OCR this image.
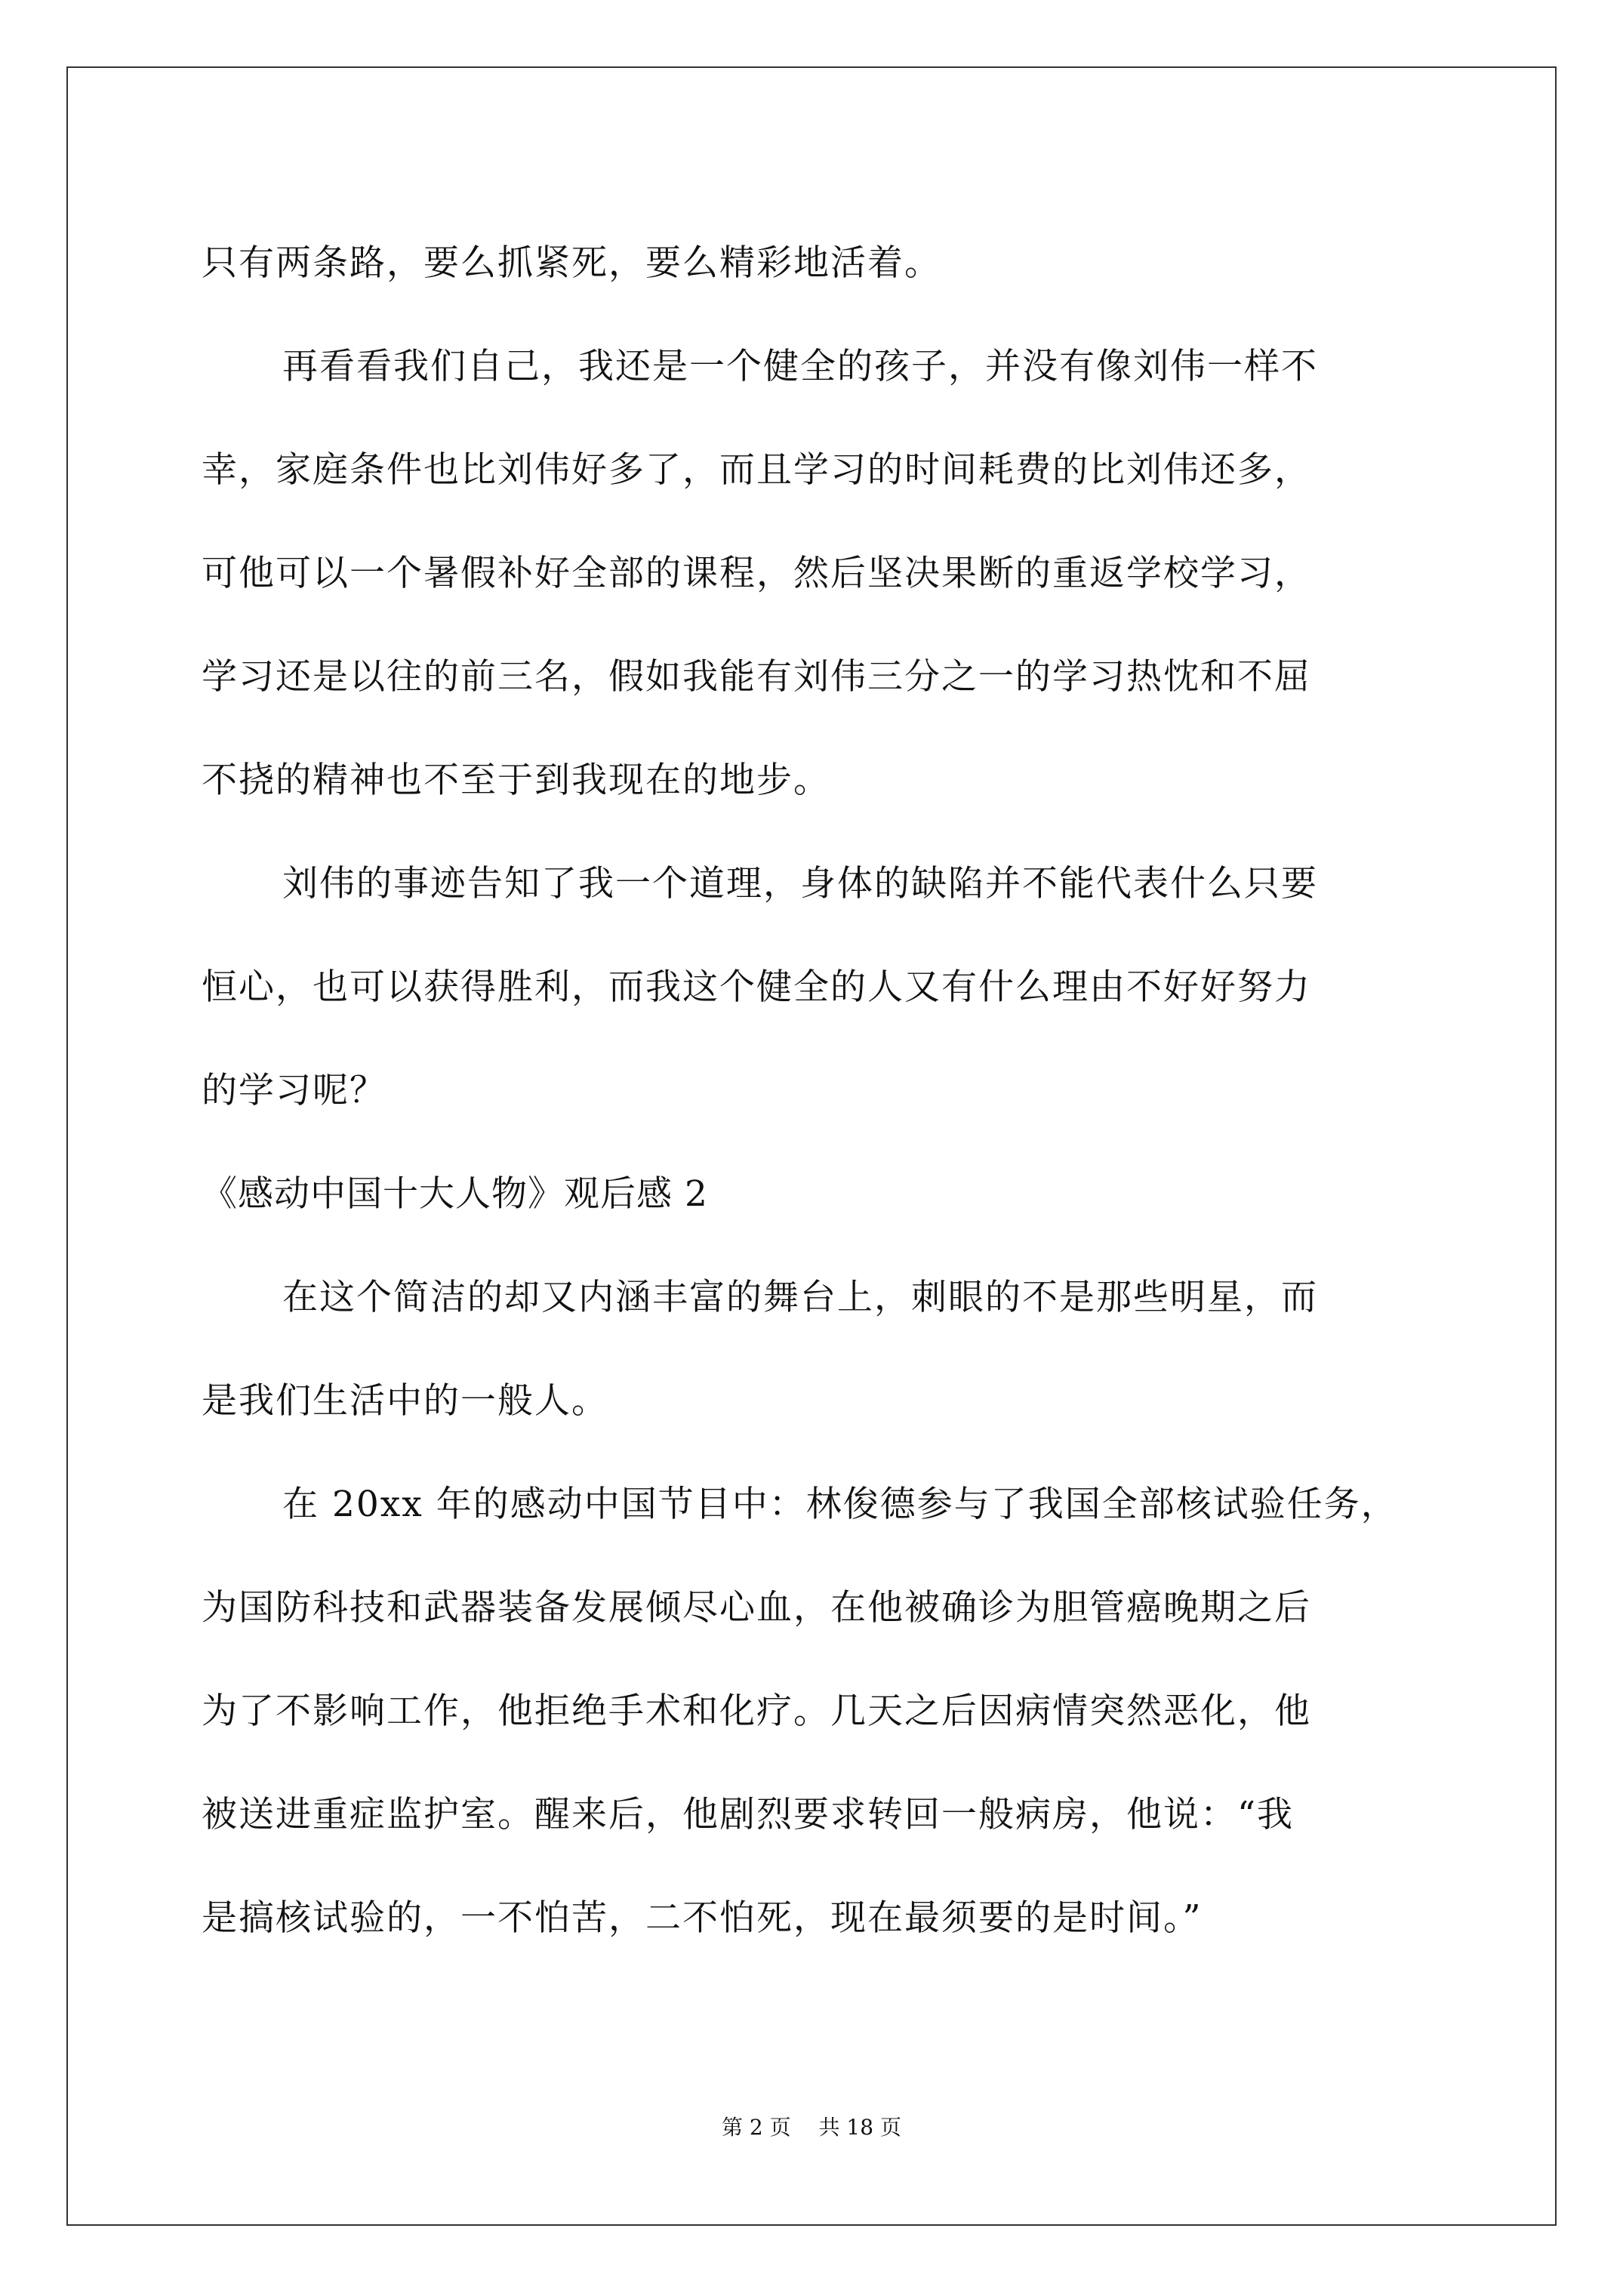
只有两条路，要么抓紧死，要么精彩地活着。
再看看我们自己，我还是一个健全的孩子，并没有像刘伟一样不
幸，家庭条件也比刘伟好多了，而且学习的时间耗费的比刘伟还多，
可他可以一个暑假补好全部的课程，然后坚决果断的重返学校学习，
学习还是以往的前三名，假如我能有刘伟三分之一的学习热忱和不屈
不挠的精神也不至于到我现在的地步。
刘伟的事迹告知了我一个道理，身体的缺陷并不能代表什么只要
恒心，也可以获得胜利，而我这个健全的人又有什么理由不好好努力
的学习呢？
《感动中国十大人物》观后感 2
在这个简洁的却又内涵丰富的舞台上，刺眼的不是那些明星，而
是我们生活中的一般人。
在 20xx 年的感动中国节目中：林俊德参与了我国全部核试验任务，
为国防科技和武器装备发展倾尽心血，在他被确诊为胆管癌晚期之后
为了不影响工作，他拒绝手术和化疗。几天之后因病情突然恶化，他
被送进重症监护室。醒来后，他剧烈要求转回一般病房，他说：“我
是搞核试验的，一不怕苦，二不怕死，现在最须要的是时间。”
第 2 页　 共 18 页
